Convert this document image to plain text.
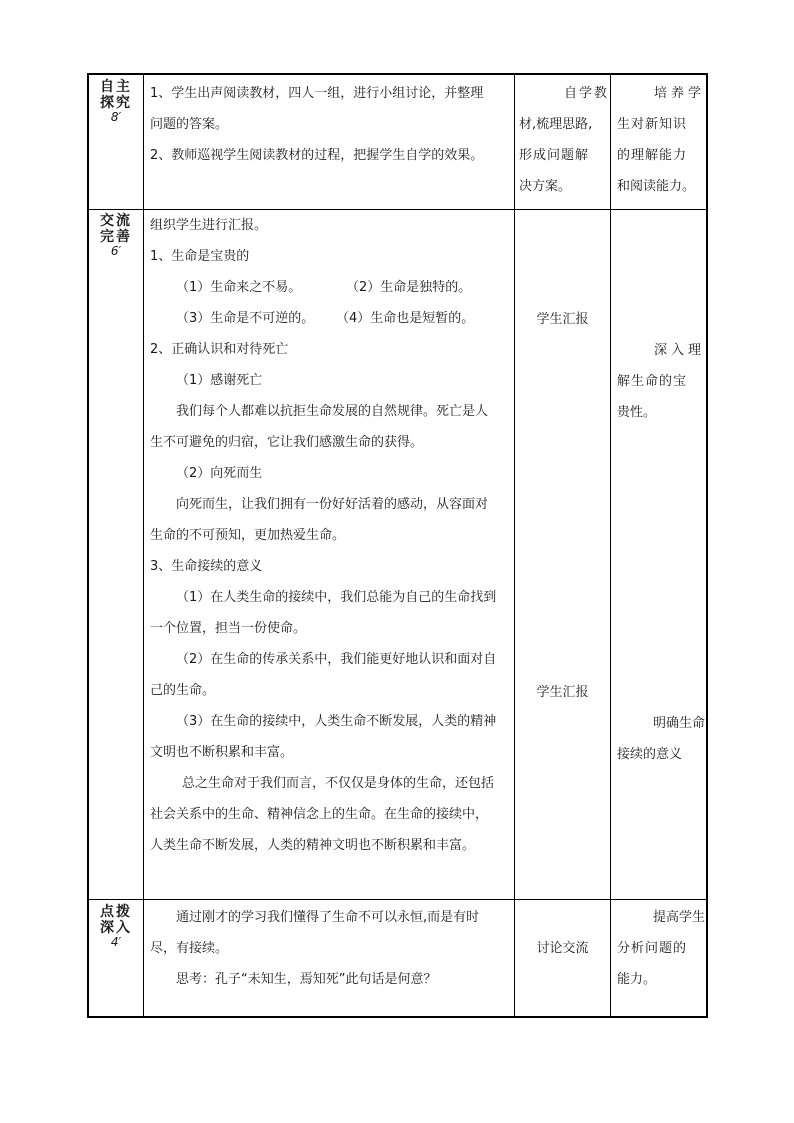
自主
探究
8′

1、学生出声阅读教材，四人一组，进行小组讨论，并整理

问题的答案。

2、教师巡视学生阅读教材的过程，把握学生自学的效果。

自学教

材,梳理思路,

形成问题解

决方案。

培养学

生对新知识

的理解能力

和阅读能力。

交流
完善
6′

组织学生进行汇报。

1、生命是宝贵的

（1）生命来之不易。	（2）生命是独特的。

（3）生命是不可逆的。 （4）生命也是短暂的。

2、正确认识和对待死亡

（1）感谢死亡

我们每个人都难以抗拒生命发展的自然规律。死亡是人

生不可避免的归宿，它让我们感激生命的获得。

（2）向死而生

向死而生，让我们拥有一份好好活着的感动，从容面对

生命的不可预知，更加热爱生命。

3、生命接续的意义

（1）在人类生命的接续中，我们总能为自己的生命找到

一个位置，担当一份使命。

（2）在生命的传承关系中，我们能更好地认识和面对自

己的生命。

（3）在生命的接续中，人类生命不断发展，人类的精神

文明也不断积累和丰富。

总之生命对于我们而言，不仅仅是身体的生命，还包括

社会关系中的生命、精神信念上的生命。在生命的接续中，

人类生命不断发展，人类的精神文明也不断积累和丰富。

学生汇报
学生汇报

深入理

解生命的宝

贵性。

明确生命

接续的意义

点拨
深入
4′

通过刚才的学习我们懂得了生命不可以永恒,而是有时

尽，有接续。

思考：孔子“未知生，焉知死”此句话是何意？

讨论交流

提高学生

分析问题的

能力。
